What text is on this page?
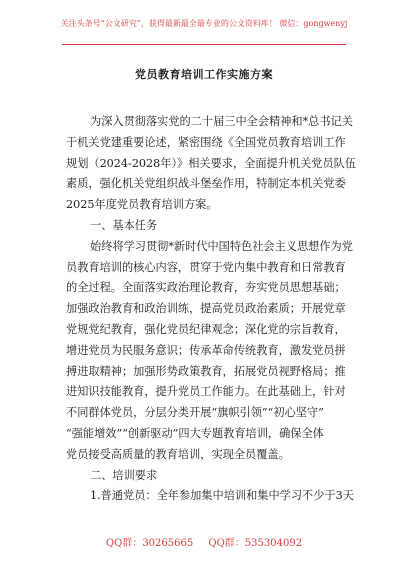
关注头条号“公文研究”，获得最新最全最专业的公文资料库！ 微信：gongwenyj
党员教育培训工作实施方案
为深入贯彻落实党的二十届三中全会精神和*总书记关
于机关党建重要论述，紧密围绕《全国党员教育培训工作
规划（2024-2028年）》相关要求，全面提升机关党员队伍
素质，强化机关党组织战斗堡垒作用，特制定本机关党委
2025年度党员教育培训方案。
一、基本任务
始终将学习贯彻*新时代中国特色社会主义思想作为党
员教育培训的核心内容，贯穿于党内集中教育和日常教育
的全过程。全面落实政治理论教育，夯实党员思想基础；
加强政治教育和政治训练，提高党员政治素质；开展党章
党规党纪教育，强化党员纪律观念；深化党的宗旨教育，
增进党员为民服务意识；传承革命传统教育，激发党员拼
搏进取精神；加强形势政策教育，拓展党员视野格局；推
进知识技能教育，提升党员工作能力。在此基础上，针对
不同群体党员，分层分类开展“旗帜引领”“初心坚守”
“强能增效”“创新驱动”四大专题教育培训，确保全体
党员接受高质量的教育培训，实现全员覆盖。
二、培训要求
1.普通党员：全年参加集中培训和集中学习不少于3天
QQ群：30265665 QQ群：535304092
